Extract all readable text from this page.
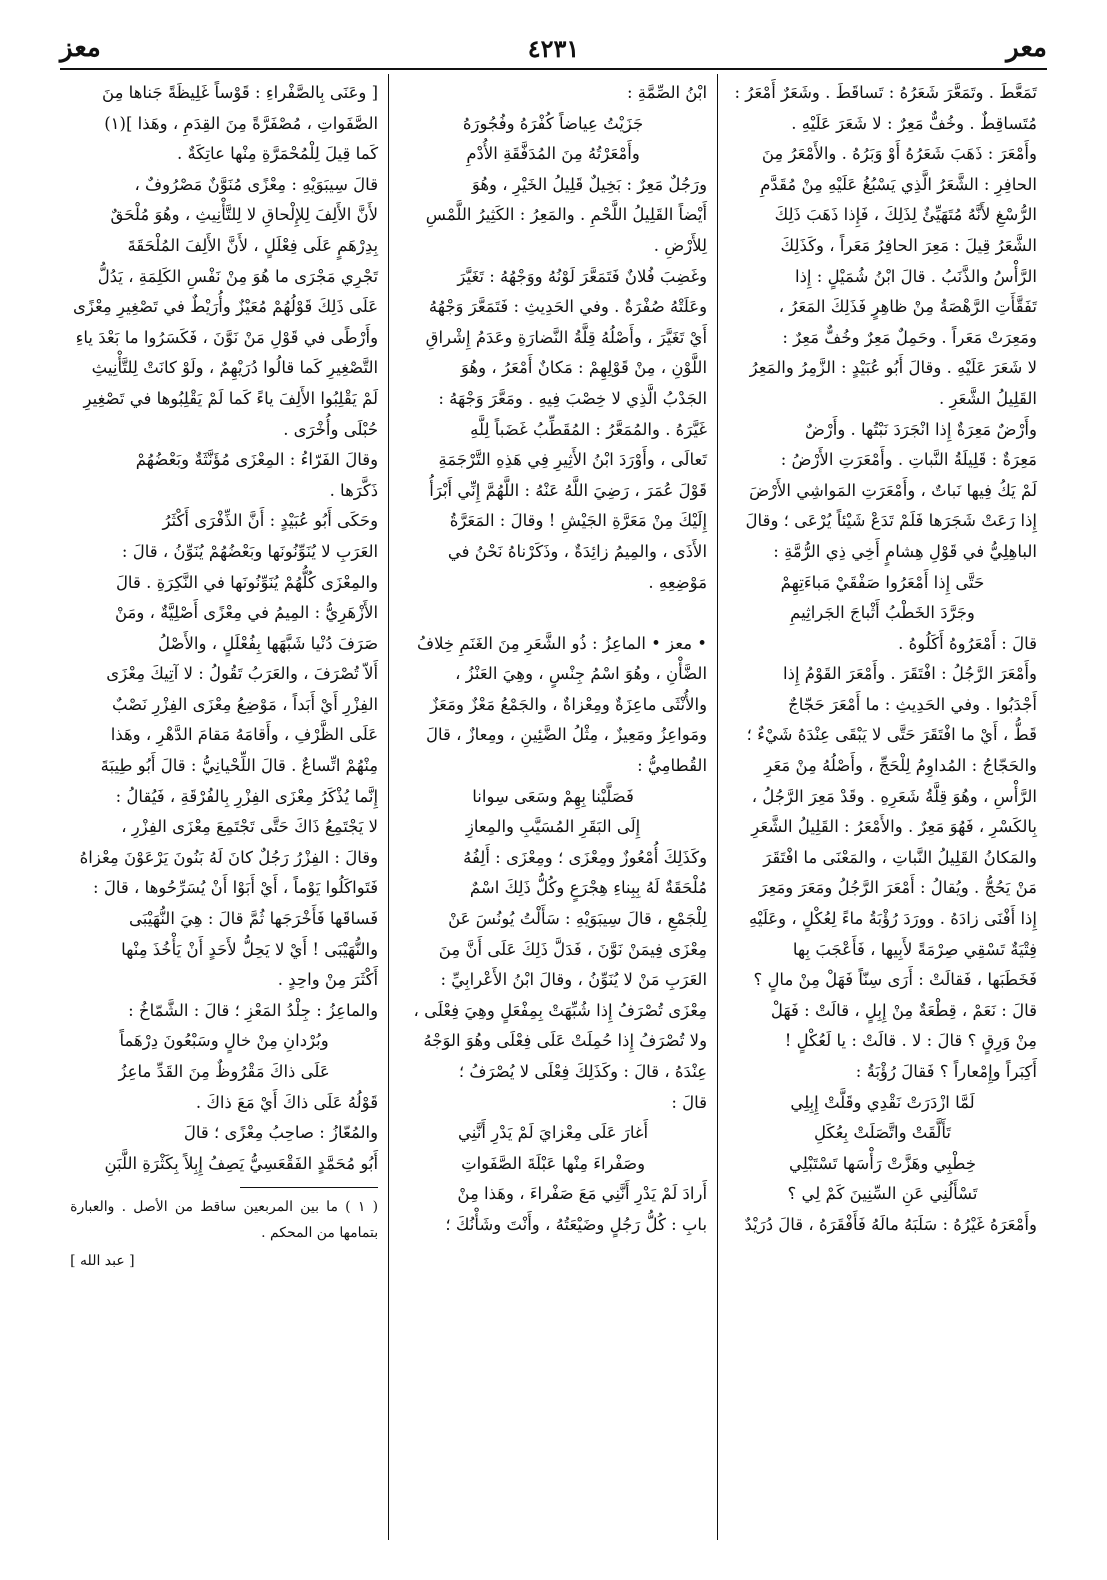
معز	٤٢٣١	معر

تَمَعَّطَ . وتَمَعَّرَ شَعَرُهُ : تَساقَطَ . وشَعَرٌ أَمْعَرُ :

مُتَساقِطٌ . وخُفٌّ مَعِرٌ : لا شَعَرَ عَلَيْهِ .

وأَمْعَرَ : ذَهَبَ شَعَرُهُ أَوْ وَبَرُهُ . والأَمْعَرُ مِنَ

الحافِرِ : الشَّعَرُ الَّذِي يَسْبُغُ عَلَيْهِ مِنْ مُقَدَّمِ

الرُّسْغِ لأَنَّهُ مُتَهَيِّئٌ لِذَلِكَ ، فَإِذا ذَهَبَ ذَلِكَ

الشَّعَرُ قِيلَ : مَعِرَ الحافِرُ مَعَراً ، وكَذَلِكَ

الرَّأْسُ والذَّنَبُ . قالَ ابْنُ شُمَيْلٍ : إِذا

تَفَقَّأَتِ الرَّهْصَةُ مِنْ ظاهِرٍ فَذَلِكَ المَعَرُ ،

ومَعِرَتْ مَعَراً . وحَمِلٌ مَعِرٌ وخُفٌّ مَعِرٌ :

لا شَعَرَ عَلَيْهِ . وقالَ أَبُو عُبَيْدٍ : الزَّمِرُ والمَعِرُ

القَلِيلُ الشَّعَرِ .

وأَرْضٌ مَعِرَةٌ إِذا انْجَرَدَ نَبْتُها . وأَرْضٌ

مَعِرَةٌ : قَلِيلَةُ النَّباتِ . وأَمْعَرَتِ الأَرْضُ :

لَمْ يَكُ فِيها نَباتٌ ، وأَمْعَرَتِ المَواشِي الأَرْضَ

إِذا رَعَتْ شَجَرَها فَلَمْ تَدَعْ شَيْئاً يُرْعَى ؛ وقالَ

الباهِلِيُّ في قَوْلِ هِشامٍ أَخِي ذِي الرُّمَّةِ :

حَتَّى إِذا أَمْعَرُوا صَفْقَيْ مَباءَتِهِمْ

وجَرَّدَ الخَطْبُ أَثْباجَ الجَراثِيمِ

قالَ : أَمْعَرُوهُ أَكَلُوهُ .

وأَمْعَرَ الرَّجُلُ : افْتَقَرَ . وأَمْعَرَ القَوْمُ إِذا

أَجْدَبُوا . وفي الحَدِيثِ : ما أَمْعَرَ حَجّاجٌ

قَطُّ ، أَيْ ما افْتَقَرَ حَتَّى لا يَبْقَى عِنْدَهُ شَيْءٌ ؛

والحَجّاجُ : المُداوِمُ لِلْحَجِّ ، وأَصْلُهُ مِنْ مَعَرِ

الرَّأْسِ ، وهُوَ قِلَّةُ شَعَرِهِ . وقَدْ مَعِرَ الرَّجُلُ ،

بِالكَسْرِ ، فَهُوَ مَعِرٌ . والأَمْعَرُ : القَلِيلُ الشَّعَرِ

والمَكانُ القَلِيلُ النَّباتِ ، والمَعْنَى ما افْتَقَرَ

مَنْ يَحُجُّ . ويُقالُ : أَمْعَرَ الرَّجُلُ ومَعَرَ ومَعِرَ

إِذا أَفْنَى زادَهُ . وورَدَ رُؤْبَةُ ماءً لِعُكْلٍ ، وعَلَيْهِ

فِتْيَةٌ تَسْقِي صِرْمَةً لأَبِيها ، فَأَعْجَبَ بِها

فَخَطَبَها ، فَقالَتْ : أَرَى سِنّاً فَهَلْ مِنْ مالٍ ؟

قالَ : نَعَمْ ، قِطْعَةٌ مِنْ إِبِلٍ ، قالَتْ : فَهَلْ

مِنْ وَرِقٍ ؟ قالَ : لا . قالَتْ : يا لَعُكْلٍ !

أَكِبَراً وإِمْعاراً ؟ فَقالَ رُؤْبَةُ :

لَمَّا ازْدَرَتْ نَقْدِي وقَلَّتْ إِبِلِي

تَأَلَّقَتْ واتَّصَلَتْ بِعُكَلِ

خِطْبِي وهَزَّتْ رَأْسَها تَسْتَبْلِي

تَسْأَلُنِي عَنِ السِّنِينَ كَمْ لِي ؟

وأَمْعَرَهُ غَيْرُهُ : سَلَبَهُ مالَهُ فَأَفْقَرَهُ ، قالَ دُرَيْدٌ

ابْنُ الصِّمَّةِ :

جَزَيْتُ عِياضاً كُفْرَهُ وفُجُورَهُ

وأَمْعَرْتُهُ مِنَ المُدَفَّقَةِ الأُدْمِ

ورَجُلٌ مَعِرٌ : بَخِيلٌ قَلِيلُ الخَيْرِ ، وهُوَ

أَيْضاً القَلِيلُ اللَّحْمِ . والمَعِرُ : الكَثِيرُ اللَّمْسِ

لِلأَرْضِ .

وغَضِبَ فُلانٌ فَتَمَعَّرَ لَوْنُهُ ووَجْهُهُ : تَغَيَّرَ

وعَلَتْهُ صُفْرَةٌ . وفي الحَدِيثِ : فَتَمَعَّرَ وَجْهُهُ

أَيْ تَغَيَّرَ ، وأَصْلُهُ قِلَّةُ النَّضارَةِ وعَدَمُ إِشْراقِ

اللَّوْنِ ، مِنْ قَوْلِهِمْ : مَكانٌ أَمْعَرُ ، وهُوَ

الجَدْبُ الَّذِي لا خِصْبَ فِيهِ . ومَعَّرَ وَجْهَهُ :

غَيَّرَهُ . والمُمَعَّرُ : المُقَطِّبُ غَضَباً لِلَّهِ

تَعالَى ، وأَوْرَدَ ابْنُ الأَثِيرِ فِي هَذِهِ التَّرْجَمَةِ

قَوْلَ عُمَرَ ، رَضِيَ اللَّهُ عَنْهُ : اللَّهُمَّ إِنِّي أَبْرَأُ

إِلَيْكَ مِنْ مَعَرَّةِ الجَيْشِ ! وقالَ : المَعَرَّةُ

الأَذَى ، والمِيمُ زائِدَةٌ ، وذَكَرْناهُ نَحْنُ في

مَوْضِعِهِ .

• معز • الماعِزُ : ذُو الشَّعَرِ مِنَ الغَنَمِ خِلافُ

الضَّأْنِ ، وهُوَ اسْمُ جِنْسٍ ، وهِيَ العَنْزُ ،

والأُنْثَى ماعِزَةٌ ومِعْزاةٌ ، والجَمْعُ مَعْزٌ ومَعَزٌ

ومَواعِزُ ومَعِيزٌ ، مِثْلُ الضَّئِينِ ، ومِعازٌ ، قالَ

القُطامِيُّ :

فَصَلَّيْنا بِهِمْ وسَعَى سِوانا

إِلَى البَقَرِ المُسَيَّبِ والمِعازِ

وكَذَلِكَ أُمْعُوزٌ ومِعْزَى ؛ ومِعْزَى : أَلِفُهُ

مُلْحَقَةٌ لَهُ بِبِناءِ هِجْرَعٍ وكُلُّ ذَلِكَ اسْمٌ

لِلْجَمْعِ ، قالَ سِيبَوَيْهِ : سَأَلْتُ يُونُسَ عَنْ

مِعْزَى فِيمَنْ نَوَّنَ ، فَدَلَّ ذَلِكَ عَلَى أَنَّ مِنَ

العَرَبِ مَنْ لا يُنَوِّنُ ، وقالَ ابْنُ الأَعْرابِيِّ :

مِعْزَى تُصْرَفُ إِذا شُبِّهَتْ بِمِفْعَلٍ وهِيَ فِعْلَى ،

ولا تُصْرَفُ إِذا حُمِلَتْ عَلَى فِعْلَى وهُوَ الوَجْهُ

عِنْدَهُ ، قالَ : وكَذَلِكَ فِعْلَى لا يُصْرَفُ ؛

قالَ :

أَغارَ عَلَى مِعْزايَ لَمْ يَدْرِ أَنَّنِي

وصَفْراءَ مِنْها عَبْلَةَ الصَّفَواتِ

أَرادَ لَمْ يَدْرِ أَنَّنِي مَعَ صَفْراءَ ، وهَذا مِنْ

بابِ : كُلُّ رَجُلٍ وضَيْعَتُهُ ، وأَنْتَ وشَأْنُكَ ؛

[ وعَنَى بِالصَّفْراءِ : قَوْساً غَلِيظَةً جَناها مِنَ

الصَّفَواتِ ، مُصْفَرَّةً مِنَ القِدَمِ ، وهَذا ](١)

كَما قِيلَ لِلْمُحْمَرَّةِ مِنْها عاتِكَةٌ .

قالَ سِيبَوَيْهِ : مِعْزًى مُنَوَّنٌ مَصْرُوفٌ ،

لأَنَّ الأَلِفَ لِلإِلْحاقِ لا لِلتَّأْنِيثِ ، وهُوَ مُلْحَقٌ

بِدِرْهَمٍ عَلَى فِعْلَلٍ ، لأَنَّ الأَلِفَ المُلْحَقَةَ

تَجْرِي مَجْرَى ما هُوَ مِنْ نَفْسِ الكَلِمَةِ ، يَدُلُّ

عَلَى ذَلِكَ قَوْلُهُمْ مُعَيْزٌ وأُرَيْطٌ في تَصْغِيرِ مِعْزًى

وأَرْطًى في قَوْلِ مَنْ نَوَّنَ ، فَكَسَرُوا ما بَعْدَ ياءِ

التَّصْغِيرِ كَما قالُوا دُرَيْهِمٌ ، ولَوْ كانَتْ لِلتَّأْنِيثِ

لَمْ يَقْلِبُوا الأَلِفَ ياءً كَما لَمْ يَقْلِبُوها في تَصْغِيرِ

حُبْلَى وأُخْرَى .

وقالَ الفَرّاءُ : المِعْزَى مُؤَنَّثَةٌ وبَعْضُهُمْ

ذَكَّرَها .

وحَكَى أَبُو عُبَيْدٍ : أَنَّ الذِّفْرَى أَكْثَرُ

العَرَبِ لا يُنَوِّنُونَها وبَعْضُهُمْ يُنَوِّنُ ، قالَ :

والمِعْزَى كُلُّهُمْ يُنَوِّنُونَها في النَّكِرَةِ . قالَ

الأَزْهَرِيُّ : المِيمُ في مِعْزًى أَصْلِيَّةٌ ، ومَنْ

صَرَفَ دُنْيا شَبَّهَها بِفُعْلَلٍ ، والأَصْلُ

أَلاّ تُصْرَفَ ، والعَرَبُ تَقُولُ : لا آتِيكَ مِعْزَى

الفِزْرِ أَيْ أَبَداً ، مَوْضِعُ مِعْزَى الفِزْرِ نَصْبٌ

عَلَى الظَّرْفِ ، وأَقامَهُ مَقامَ الدَّهْرِ ، وهَذا

مِنْهُمْ اتِّساعٌ . قالَ اللِّحْيانِيُّ : قالَ أَبُو طِيبَةَ

إِنَّما يُذْكَرُ مِعْزَى الفِزْرِ بِالفُرْقَةِ ، فَيُقالُ :

لا يَجْتَمِعُ ذَاكَ حَتَّى تَجْتَمِعَ مِعْزَى الفِزْرِ ،

وقالَ : الفِزْرُ رَجُلٌ كانَ لَهُ بَنُونَ يَرْعَوْنَ مِعْزاهُ

فَتَواكَلُوا يَوْماً ، أَيْ أَبَوْا أَنْ يُسَرِّحُوها ، قالَ :

فَساقَها فَأَخْرَجَها ثُمَّ قالَ : هِيَ النُّهَيْبَى

والنُّهَيْبَى ! أَيْ لا يَحِلُّ لأَحَدٍ أَنْ يَأْخُذَ مِنْها

أَكْثَرَ مِنْ واحِدٍ .

والماعِزُ : جِلْدُ المَعْزِ ؛ قالَ : الشَّمّاخُ :

وبُرْدانِ مِنْ خالٍ وسَبْعُونَ دِرْهَماً

عَلَى ذاكَ مَقْرُوظٌ مِنَ القَدِّ ماعِزُ

قَوْلُهُ عَلَى ذاكَ أَيْ مَعَ ذاكَ .

والمُعّازُ : صاحِبُ مِعْزًى ؛ قالَ

أَبُو مُحَمَّدٍ الفَقْعَسِيُّ يَصِفُ إِبِلاً بِكَثْرَةِ اللَّبَنِ

( ١ ) ما بين المربعين ساقط من الأصل . والعبارة بتمامها من المحكم .

[ عبد الله ]
